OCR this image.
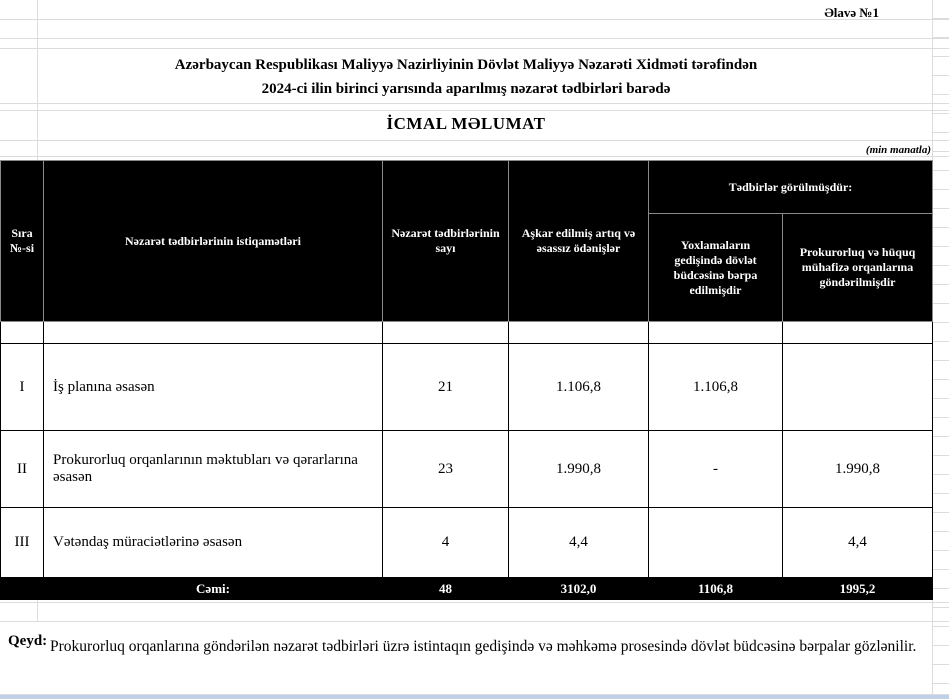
Əlavə №1
Azərbaycan Respublikası Maliyyə Nazirliyinin Dövlət Maliyyə Nəzarəti Xidməti tərəfindən
2024-ci ilin birinci yarısında aparılmış nəzarət tədbirləri barədə
İCMAL MƏLUMAT
(min manatla)
Sıra №-si	Nəzarət tədbirlərinin istiqamətləri	Nəzarət tədbirlərinin sayı	Aşkar edilmiş artıq və əsassız ödənişlər	Tədbirlər görülmüşdür:	
				Yoxlamaların gedişində dövlət büdcəsinə bərpa edilmişdir	Prokurorluq və hüquq mühafizə orqanlarına göndərilmişdir
1	2	3			
I	İş planına əsasən	21	1.106,8	1.106,8	
II	Prokurorluq orqanlarının məktubları və qərarlarına əsasən	23	1.990,8	-	1.990,8
III	Vətəndaş müraciətlərinə əsasən	4	4,4		4,4
	Cəmi:	48	3102,0	1106,8	1995,2
Qeyd: Prokurorluq orqanlarına göndərilən nəzarət tədbirləri üzrə istintaqın gedişində və məhkəmə prosesində dövlət büdcəsinə bərpalar gözlənilir.
